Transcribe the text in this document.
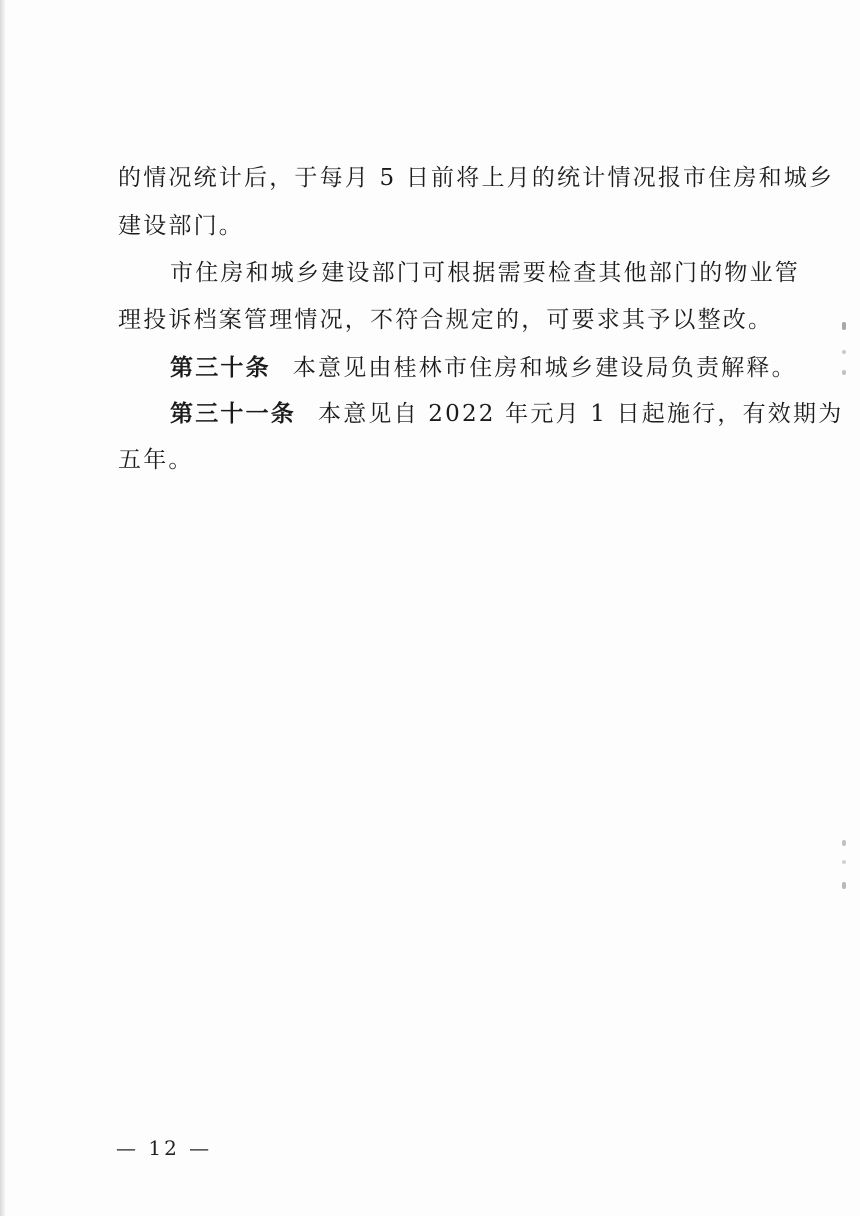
的情况统计后，于每月 5 日前将上月的统计情况报市住房和城乡
建设部门。
市住房和城乡建设部门可根据需要检查其他部门的物业管
理投诉档案管理情况，不符合规定的，可要求其予以整改。
第三十条 本意见由桂林市住房和城乡建设局负责解释。
第三十一条 本意见自 2022 年元月 1 日起施行，有效期为
五年。
— 12 —
